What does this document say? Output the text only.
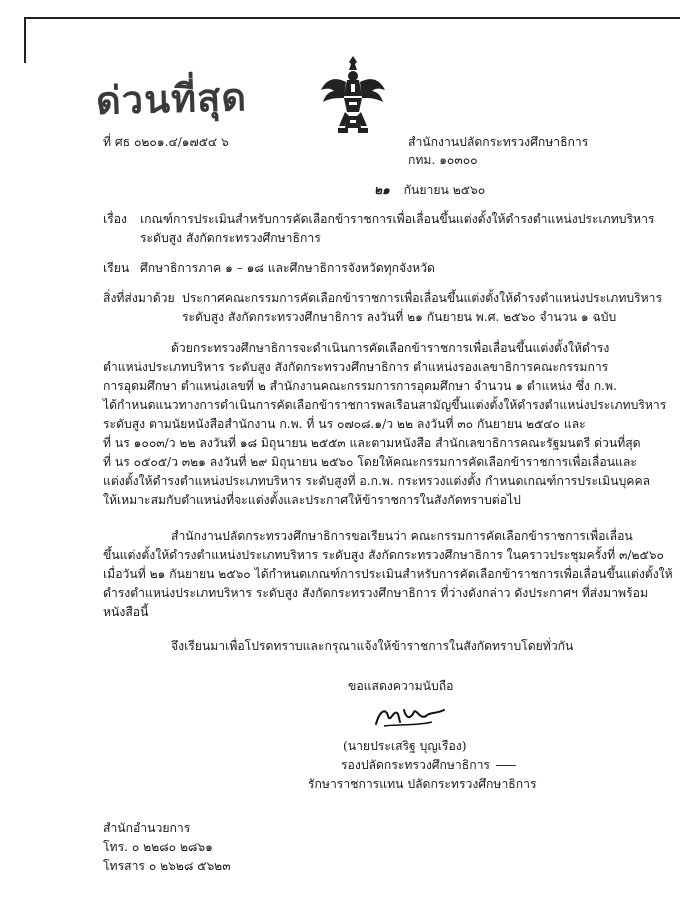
ด่วนที่สุด
ที่ ศธ ๐๒๐๑.๔/๑๗๕๔ ๖	สำนักงานปลัดกระทรวงศึกษาธิการ
กทม. ๑๐๓๐๐
๒๑ กันยายน ๒๕๖๐
เรื่อง เกณฑ์การประเมินสำหรับการคัดเลือกข้าราชการเพื่อเลื่อนขึ้นแต่งตั้งให้ดำรงตำแหน่งประเภทบริหาร
ระดับสูง สังกัดกระทรวงศึกษาธิการ
เรียน ศึกษาธิการภาค ๑ – ๑๘ และศึกษาธิการจังหวัดทุกจังหวัด
สิ่งที่ส่งมาด้วย ประกาศคณะกรรมการคัดเลือกข้าราชการเพื่อเลื่อนขึ้นแต่งตั้งให้ดำรงตำแหน่งประเภทบริหาร
ระดับสูง สังกัดกระทรวงศึกษาธิการ ลงวันที่ ๒๑ กันยายน พ.ศ. ๒๕๖๐ จำนวน ๑ ฉบับ
ด้วยกระทรวงศึกษาธิการจะดำเนินการคัดเลือกข้าราชการเพื่อเลื่อนขึ้นแต่งตั้งให้ดำรง
ตำแหน่งประเภทบริหาร ระดับสูง สังกัดกระทรวงศึกษาธิการ ตำแหน่งรองเลขาธิการคณะกรรมการ
การอุดมศึกษา ตำแหน่งเลขที่ ๒ สำนักงานคณะกรรมการการอุดมศึกษา จำนวน ๑ ตำแหน่ง ซึ่ง ก.พ.
ได้กำหนดแนวทางการดำเนินการคัดเลือกข้าราชการพลเรือนสามัญขึ้นแต่งตั้งให้ดำรงตำแหน่งประเภทบริหาร
ระดับสูง ตามนัยหนังสือสำนักงาน ก.พ. ที่ นร ๐๗๐๘.๑/ว ๒๒ ลงวันที่ ๓๐ กันยายน ๒๕๔๐ และ
ที่ นร ๑๐๐๓/ว ๒๒ ลงวันที่ ๑๘ มิถุนายน ๒๕๕๓ และตามหนังสือ สำนักเลขาธิการคณะรัฐมนตรี ด่วนที่สุด
ที่ นร ๐๕๐๕/ว ๓๒๑ ลงวันที่ ๒๙ มิถุนายน ๒๕๖๐ โดยให้คณะกรรมการคัดเลือกข้าราชการเพื่อเลื่อนและ
แต่งตั้งให้ดำรงตำแหน่งประเภทบริหาร ระดับสูงที่ อ.ก.พ. กระทรวงแต่งตั้ง กำหนดเกณฑ์การประเมินบุคคล
ให้เหมาะสมกับตำแหน่งที่จะแต่งตั้งและประกาศให้ข้าราชการในสังกัดทราบต่อไป
สำนักงานปลัดกระทรวงศึกษาธิการขอเรียนว่า คณะกรรมการคัดเลือกข้าราชการเพื่อเลื่อน
ขึ้นแต่งตั้งให้ดำรงตำแหน่งประเภทบริหาร ระดับสูง สังกัดกระทรวงศึกษาธิการ ในคราวประชุมครั้งที่ ๓/๒๕๖๐
เมื่อวันที่ ๒๑ กันยายน ๒๕๖๐ ได้กำหนดเกณฑ์การประเมินสำหรับการคัดเลือกข้าราชการเพื่อเลื่อนขึ้นแต่งตั้งให้
ดำรงตำแหน่งประเภทบริหาร ระดับสูง สังกัดกระทรวงศึกษาธิการ ที่ว่างดังกล่าว ดังประกาศฯ ที่ส่งมาพร้อม
หนังสือนี้
จึงเรียนมาเพื่อโปรดทราบและกรุณาแจ้งให้ข้าราชการในสังกัดทราบโดยทั่วกัน
ขอแสดงความนับถือ
(นายประเสริฐ บุญเรือง)
รองปลัดกระทรวงศึกษาธิการ
รักษาราชการแทน ปลัดกระทรวงศึกษาธิการ
สำนักอำนวยการ
โทร. ๐ ๒๒๘๐ ๒๘๖๑
โทรสาร ๐ ๒๖๒๘ ๕๖๒๓
